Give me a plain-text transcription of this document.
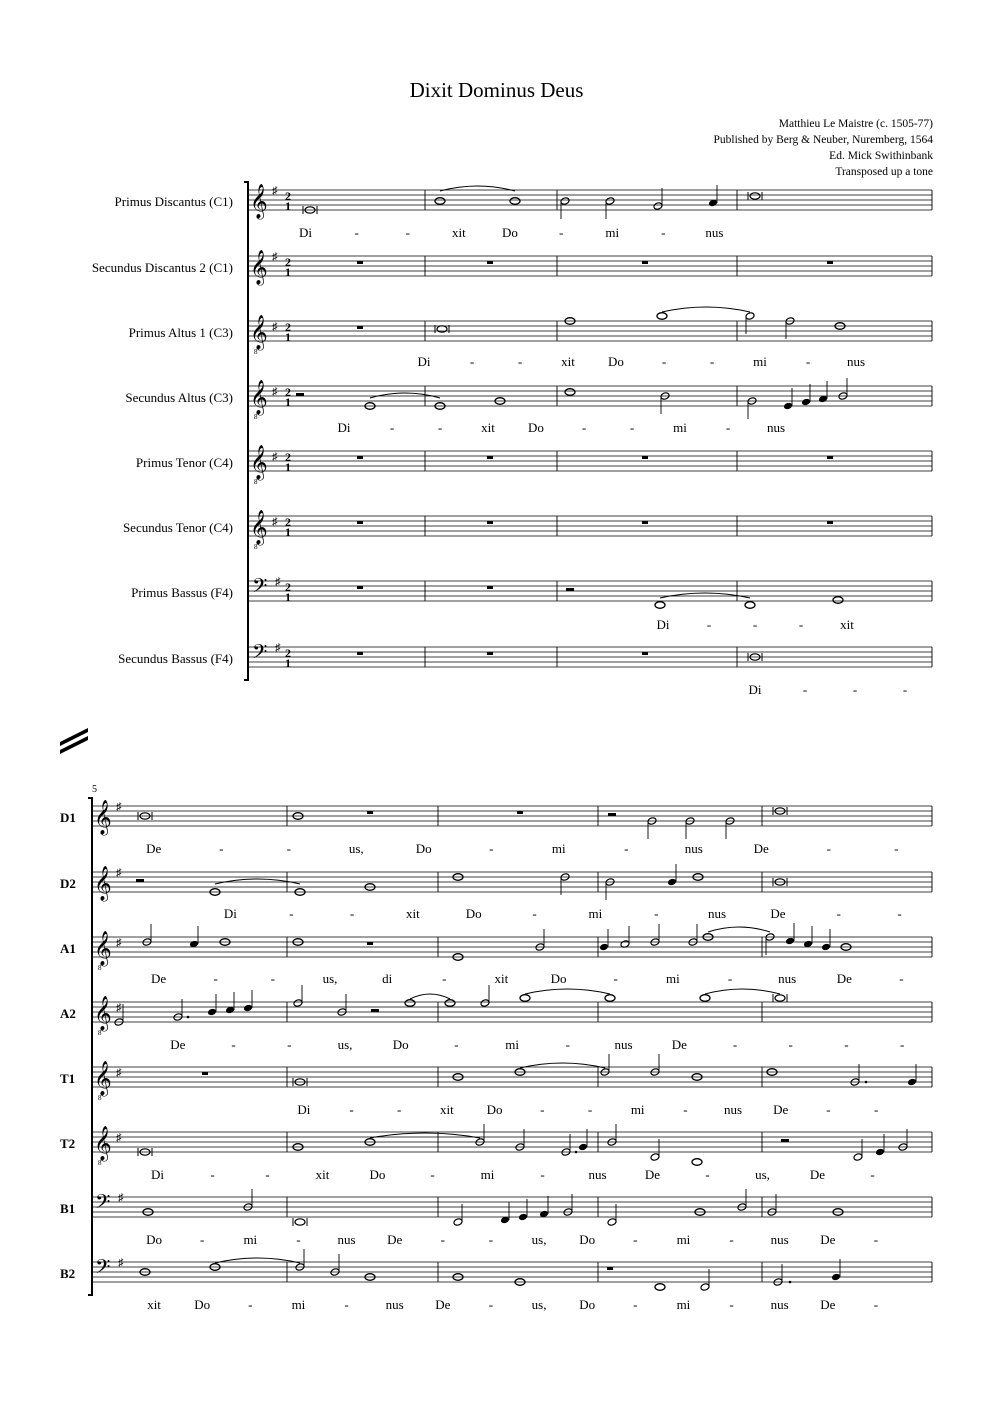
Dixit Dominus Deus
Matthieu Le Maistre (c. 1505-77)
Published by Berg & Neuber, Nuremberg, 1564
Ed. Mick Swithinbank
Transposed up a tone
Primus Discantus (C1)
Secundus Discantus 2 (C1)
Primus Altus 1 (C3)
Secundus Altus (C3)
Primus Tenor (C4)
Secundus Tenor (C4)
Primus Bassus (F4)
Secundus Bassus (F4)
D1
D2
A1
A2
T1
T2
B1
B2
5
𝄞 ♯ 2
1
𝄞 ♯ 2
1
𝄞
8
♯ 2
1
𝄞
8
♯ 2
1
𝄞
8
♯ 2
1
𝄞
8
♯ 2
1
𝄢 ♯ 2
1
𝄢 ♯ 2
1
Di	-	-	xit	Do	-	mi	-	nus
Di	-	-	xit	Do	-	-	mi	-	nus
Di	-	-	xit	Do	-	-	mi	-	nus
Di	-	-	-	xit
Di	-	-	-
𝄞 ♯
𝄞 ♯
𝄞
8
♯
𝄞
8
♯
𝄞
8
♯
𝄞
8
♯
𝄢 ♯
𝄢 ♯
De	-	-	us,	Do	-	mi	-	nus	De	-	-
Di	-	-	xit	Do	-	mi	-	nus	De	-	-
De	-	-	us,	di	-	xit	Do	-	mi	-	nus	De	-
De	-	-	us,	Do	-	mi	-	nus	De	-	-	-	-
Di	-	-	xit	Do	-	-	mi	-	nus De	-	-
Di	-	-	xit	Do	-	mi	-	nus	De	-	us,	De	-
Do	-	mi	-	nus De	-	-	us,	Do	-	mi	-	nus De	-
xit	Do	-	mi	-	nus De	-	us,	Do	-	mi	-	nus De	-
